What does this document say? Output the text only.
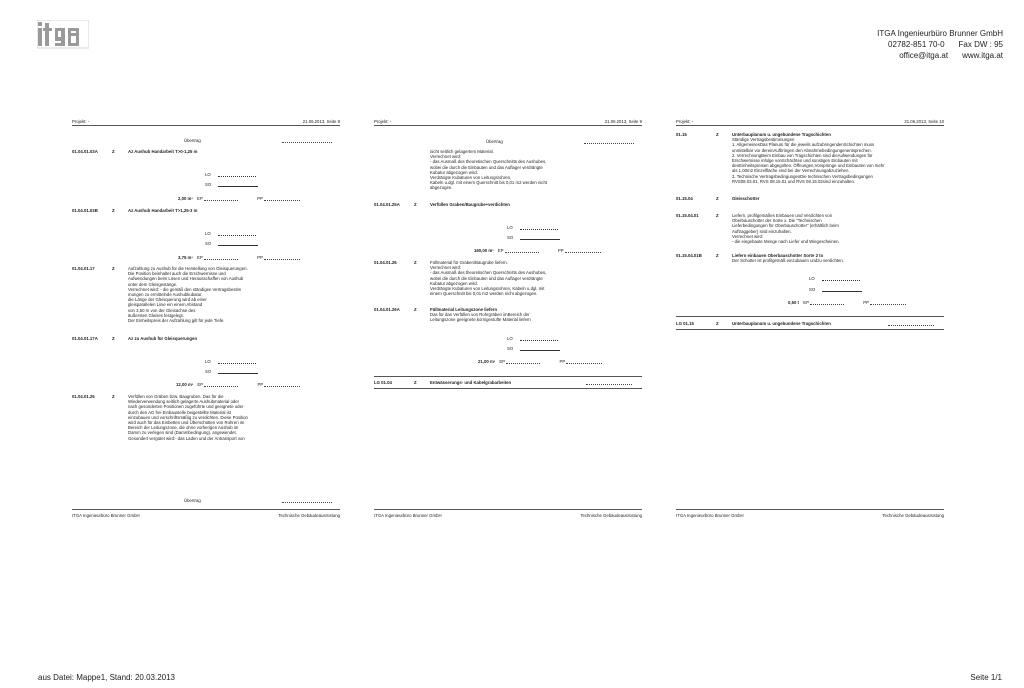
ITGA Ingenieurbüro Brunner GmbH
02782-851 70-0 Fax DW : 95
office@itga.at www.itga.at
Projekt: -	21.06.2013, Seite 8
Übertrag
01.04.01.03A	Z	Az Aushub Handarbeit T>0-1,25 m
LO
SO
2,00 m³ EP	PP
01.04.01.03B	Z	Az Aushub Handarbeit T>1,25-3 m
LO
SO
3,75 m³ EP	PP
01.04.01.17	Z	Aufzahlung zu Aushub für die Herstellung von Gleisquerungen.
Die Position beinhaltet auch die Erschwernisse und
Aufwendungen beim Lösen und Herausschaffen von Aushub
unter dem Gleisgestänge.
Verrechnet wird: - die gemäß den ständigen Vertragsbestim
mungen zu ermittelnde Aushubkubatur,
die Länge der Gleisquerung wird ab einer
gleisparallelen Linie ein einem Abstand
von 3,50 m von der Gleisachse des
äußersten Gleises festgelegt.
Der Einheitspreis der Aufzahlung gilt für jede Tiefe.
01.04.01.17A	Z	Az zu Aushub für Gleisquerungen
LO
SO
12,00 m³ EP	PP
01.04.01.25	Z	Verfüllen von Gräben bzw. Baugruben. Das für die
Wiederverwendung seitlich gelagerte Aushubmaterial oder
nach gesonderten Positionen zugeführte und geeignete oder
durch den AG frei Einbaustelle beigestellte Material ist
einzubauen und vorschriftsmäßig zu verdichten. Diese Position
wird auch für das Einbetten und Überschütten von Rohren im
Bereich der Leitungszone, die ohne vorherigen Aushub im
Damm zu verlegen sind (Dammbedingung), angewendet.
Gesondert vergütet wird:- das Laden und der Antransport von
Übertrag
ITGA Ingenieurbüro Brunner GmbH	Technische Gebäudeausrüstung
Projekt: -	21.06.2013, Seite 9
Übertrag
nicht seitlich gelagertem Material.
Verrechnet wird:
- das Ausmaß des theoretischen Querschnitts des Aushubes,
wobei die durch die Einbauten und das Auflager verdrängte
Kubatur abgezogen wird.
Verdrängte Kubaturen von Leitungsrohren,
Kabeln u.dgl. mit einem Querschnitt bis 0,01 m2 werden nicht
abgezogen.
01.04.01.25A	Z	Verfüllen Graben/Baugrube+verdichten
LO
SO
160,00 m³ EP	PP
01.04.01.26	Z	Füllmaterial für Graben/Baugrube liefern.
Verrechnet wird:
- das Ausmaß des theoretischen Querschnitts des Aushubes,
wobei die durch die Einbauten und das Auflager verdrängte
Kubatur abgezogen wird.
Verdrängte Kubaturen von Leitungsrohren, Kabeln u.dgl. mit
einem Querschnitt bis 0,01 m2 werden nicht abgezogen.
01.04.01.26A	Z	Füllmaterial Leitungszone liefern
Das für das Verfüllen von Rohrgräben imBereich der
Leitungszone geeignete,kornigestufte Material liefern
LO
SO
21,00 m³ EP	PP
LG 01.04	Z	Entwässerungs- und Kabelgrabarbeiten
ITGA Ingenieurbüro Brunner GmbH	Technische Gebäudeausrüstung
Projekt: -	21.06.2013, Seite 10
01.15	Z	Unterbauplanum u. ungebundene Tragschichten
Ständige Vertragsbestimmungen
1. AllgemeinesDas Planum für die jeweils aufzubringendenSchichten muss
unmittelbar vor dereinAufbringen den Abnahmebedingungenentsprechen.
2. VerrechnungBeim Einbau von Tragschichten sind dieAufwendungen für
Erschwernisse infolge vonSchächten und sonstigen Einbauten mit
denEinheitspreisen abgegolten. Öffnungen,Vorsprünge und Einbauten von mehr
als 1,00m2 Einzelfläche sind bei der Verrechnungabzuziehen.
3. Technische VertragsbedingungenDie technischen Vertragsbedingungen
RVS08.03.01, RVS 08.15.01 und RVS 08.15.02sind einzuhalten.
01.15.04	Z	Gleisschotter
01.15.04.01	Z	Liefern, profilgemäßes Einbauen und Verdichten von
Oberbauschotter der Sorte x. Die "Technischen
Lieferbedingungen für Oberbauschotter" (erhältlich beim
Auftraggeber) sind einzuhalten.
Verrechnet wird:
- die eingebaute Menge nach Liefer und Wiegescheinen.
01.15.04.01B	Z	Liefern einbauen Oberbauschotter Sorte 2 to
Der Schotter ist profilgemäß einzubauen undzu verdichten.
LO
SO
0,50 t EP	PP
LG 01.15	Z	Unterbauplanum u. ungebundene Tragschichten
ITGA Ingenieurbüro Brunner GmbH	Technische Gebäudeausrüstung
aus Datei: Mappe1, Stand: 20.03.2013	Seite 1/1
